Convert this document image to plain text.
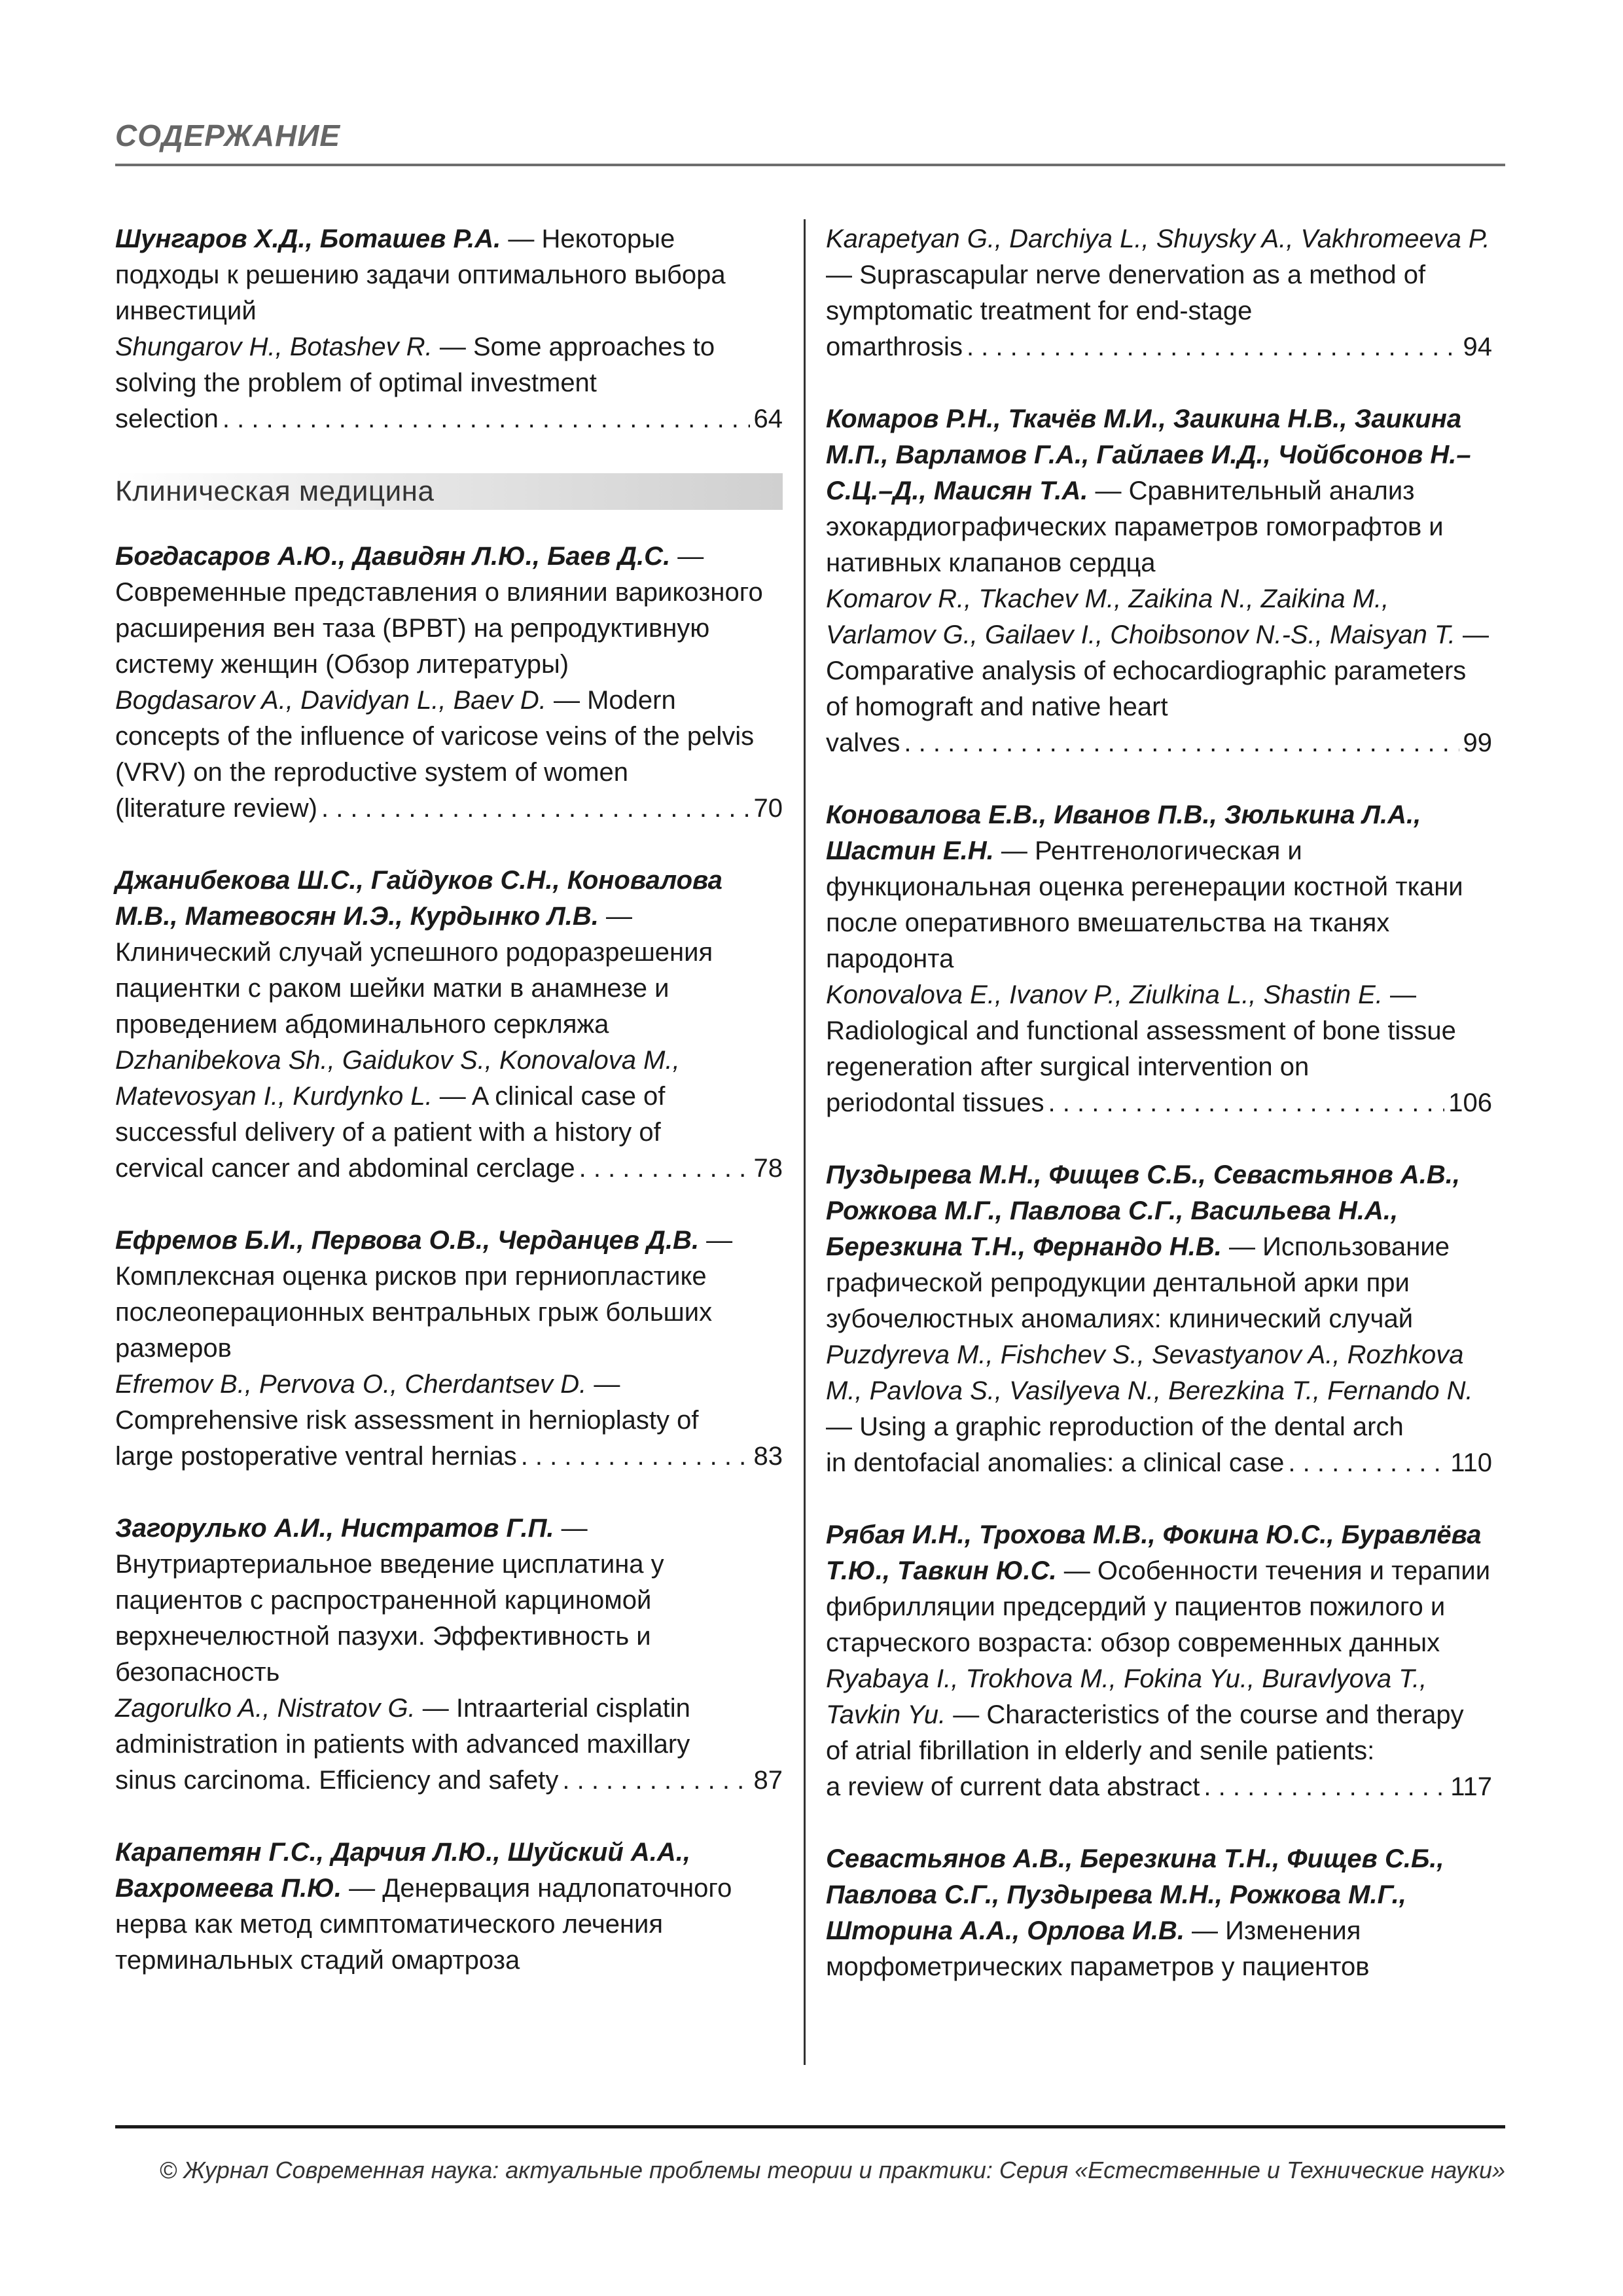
СОДЕРЖАНИЕ

Шунгаров Х.Д., Боташев Р.А. — Некоторые подходы к решению задачи оптимального выбора инвестиций

Shungarov H., Botashev R. — Some approaches to solving the problem of optimal investment

selection . . .	64

Клиническая медицина

Богдасаров А.Ю., Давидян Л.Ю., Баев Д.С. — Современные представления о влиянии варикозного расширения вен таза (ВРВТ) на репродуктивную систему женщин (Обзор литературы)

Bogdasarov A., Davidyan L., Baev D. — Modern concepts of the influence of varicose veins of the pelvis (VRV) on the reproductive system of women

(literature review) . . .	70

Джанибекова Ш.С., Гайдуков С.Н., Коновалова М.В., Матевосян И.Э., Курдынко Л.В. — Клинический случай успешного родоразрешения пациентки с раком шейки матки в анамнезе и проведением абдоминального серкляжа

Dzhanibekova Sh., Gaidukov S., Konovalova M., Matevosyan I., Kurdynko L. — A clinical case of successful delivery of a patient with a history of

cervical cancer and abdominal cerclage . . .	78

Ефремов Б.И., Первова О.В., Черданцев Д.В. — Комплексная оценка рисков при герниопластике послеоперационных вентральных грыж больших размеров

Efremov B., Pervova O., Cherdantsev D. — Comprehensive risk assessment in hernioplasty of

large postoperative ventral hernias . . .	83

Загорулько А.И., Нистратов Г.П. — Внутриартериальное введение цисплатина у пациентов с распространенной карциномой верхнечелюстной пазухи. Эффективность и безопасность

Zagorulko A., Nistratov G. — Intraarterial cisplatin administration in patients with advanced maxillary

sinus carcinoma. Efficiency and safety . . .	87

Карапетян Г.С., Дарчия Л.Ю., Шуйский А.А., Вахромеева П.Ю. — Денервация надлопаточного нерва как метод симптоматического лечения терминальных стадий омартроза

Karapetyan G., Darchiya L., Shuysky A., Vakhromeeva P. — Suprascapular nerve denervation as a method of symptomatic treatment for end-stage

omarthrosis . . .	94

Комаров Р.Н., Ткачёв М.И., Заикина Н.В., Заикина М.П., Варламов Г.А., Гайлаев И.Д., Чойбсонов Н.–С.Ц.–Д., Маисян Т.А. — Сравнительный анализ эхокардиографических параметров гомографтов и нативных клапанов сердца

Komarov R., Tkachev M., Zaikina N., Zaikina M., Varlamov G., Gailaev I., Choibsonov N.-S., Maisyan T. — Comparative analysis of echocardiographic parameters of homograft and native heart

valves . . .	99

Коновалова Е.В., Иванов П.В., Зюлькина Л.А., Шастин Е.Н. — Рентгенологическая и функциональная оценка регенерации костной ткани после оперативного вмешательства на тканях пародонта

Konovalova E., Ivanov P., Ziulkina L., Shastin E. — Radiological and functional assessment of bone tissue regeneration after surgical intervention on

periodontal tissues . . .	106

Пуздырева М.Н., Фищев С.Б., Севастьянов А.В., Рожкова М.Г., Павлова С.Г., Васильева Н.А., Березкина Т.Н., Фернандо Н.В. — Использование графической репродукции дентальной арки при зубочелюстных аномалиях: клинический случай

Puzdyreva M., Fishchev S., Sevastyanov A., Rozhkova M., Pavlova S., Vasilyeva N., Berezkina T., Fernando N. — Using a graphic reproduction of the dental arch

in dentofacial anomalies: a clinical case . . .	110

Рябая И.Н., Трохова М.В., Фокина Ю.С., Буравлёва Т.Ю., Тавкин Ю.С. — Особенности течения и терапии фибрилляции предсердий у пациентов пожилого и старческого возраста: обзор современных данных

Ryabaya I., Trokhova M., Fokina Yu., Buravlyova T., Tavkin Yu. — Characteristics of the course and therapy of atrial fibrillation in elderly and senile patients:

a review of current data abstract . . .	117

Севастьянов А.В., Березкина Т.Н., Фищев С.Б., Павлова С.Г., Пуздырева М.Н., Рожкова М.Г., Шторина А.А., Орлова И.В. — Изменения морфометрических параметров у пациентов

© Журнал Современная наука: актуальные проблемы теории и практики: Серия «Естественные и Технические науки»
